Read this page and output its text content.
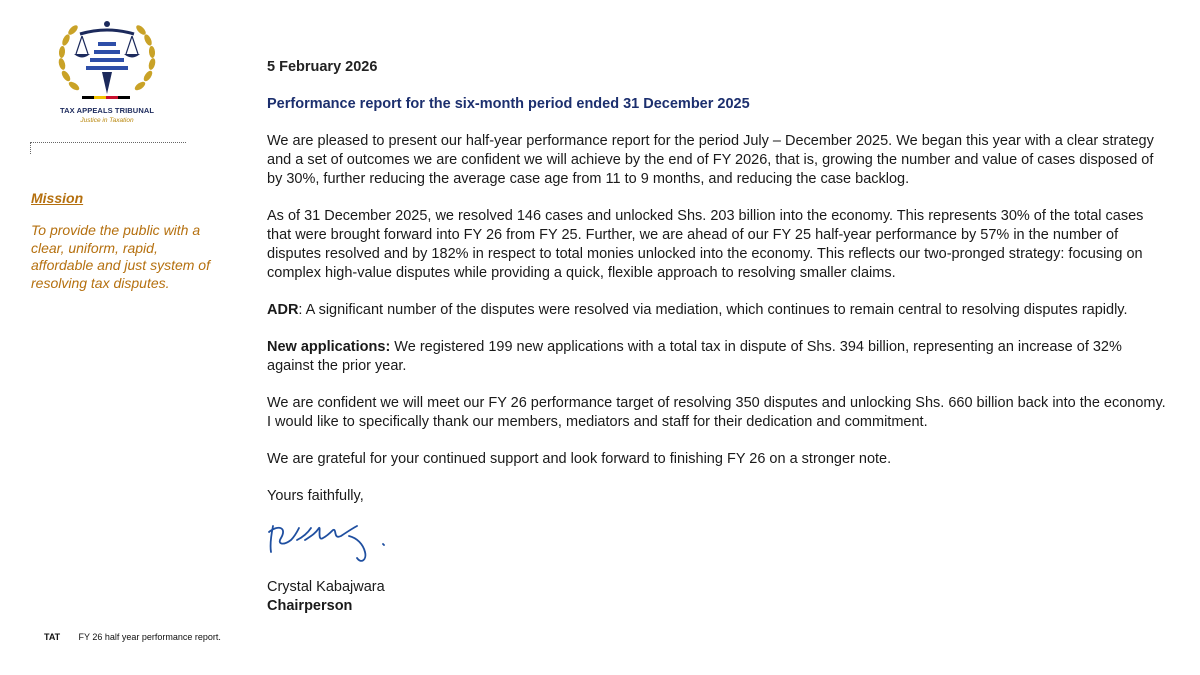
TAX APPEALS TRIBUNAL
Justice in Taxation
Mission
To provide the public with a clear, uniform, rapid, affordable and just system of resolving tax disputes.

5 February 2026

Performance report for the six-month period ended 31 December 2025

We are pleased to present our half-year performance report for the period July – December 2025. We began this year with a clear strategy and a set of outcomes we are confident we will achieve by the end of FY 2026, that is, growing the number and value of cases disposed of by 30%, further reducing the average case age from 11 to 9 months, and reducing the case backlog.

As of 31 December 2025, we resolved 146 cases and unlocked Shs. 203 billion into the economy. This represents 30% of the total cases that were brought forward into FY 26 from FY 25. Further, we are ahead of our FY 25 half-year performance by 57% in the number of disputes resolved and by 182% in respect to total monies unlocked into the economy. This reflects our two-pronged strategy: focusing on complex high-value disputes while providing a quick, flexible approach to resolving smaller claims.

ADR: A significant number of the disputes were resolved via mediation, which continues to remain central to resolving disputes rapidly.

New applications: We registered 199 new applications with a total tax in dispute of Shs. 394 billion, representing an increase of 32% against the prior year.

We are confident we will meet our FY 26 performance target of resolving 350 disputes and unlocking Shs. 660 billion back into the economy. I would like to specifically thank our members, mediators and staff for their dedication and commitment.

We are grateful for your continued support and look forward to finishing FY 26 on a stronger note.

Yours faithfully,

Crystal Kabajwara

Chairperson

TAT FY 26 half year performance report.
